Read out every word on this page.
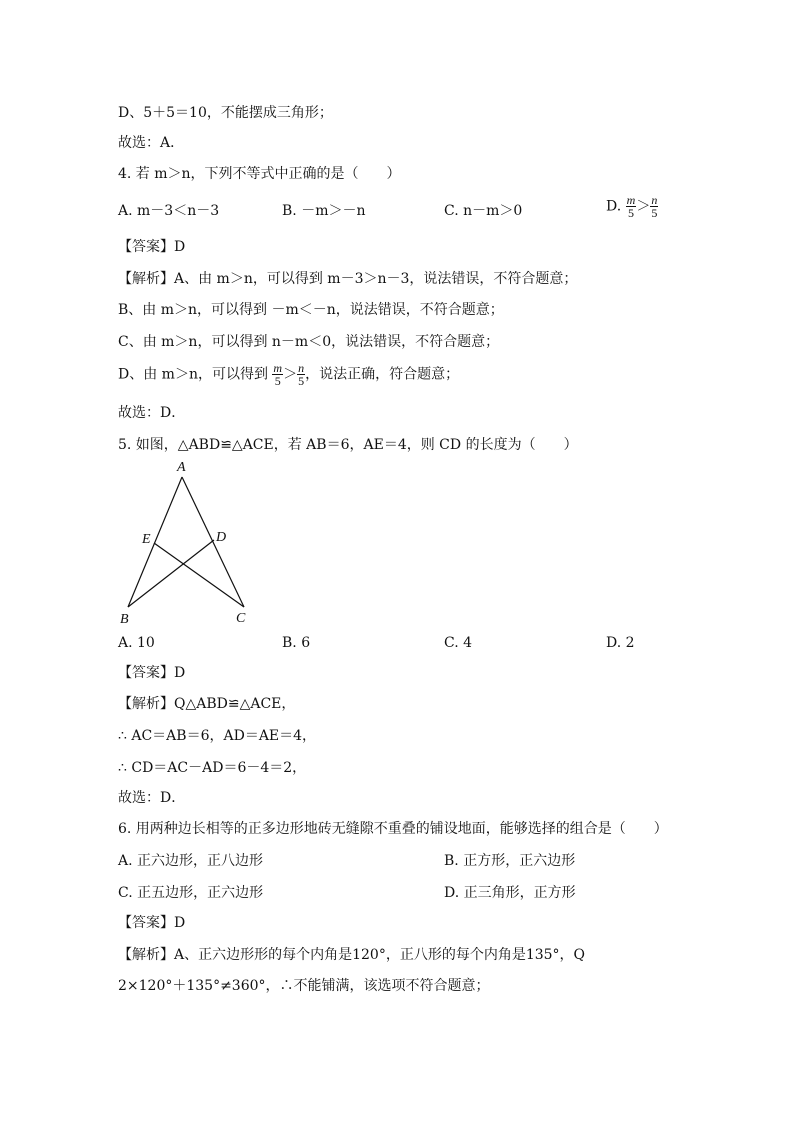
D、5＋5＝10，不能摆成三角形；
故选：A．
4. 若 m＞n，下列不等式中正确的是（　　）
A. m－3＜n－3	B. －m＞－n	C. n－m＞0	D. $\frac{m}{5} > \frac{n}{5}$
【答案】D
【解析】A、由 m＞n，可以得到 m－3＞n－3，说法错误，不符合题意；
B、由 m＞n，可以得到 －m＜－n，说法错误，不符合题意；
C、由 m＞n，可以得到 n－m＜0，说法错误，不符合题意；
D、由 m＞n，可以得到 $\frac{m}{5} > \frac{n}{5}$ ，说法正确，符合题意；
故选：D．
5. 如图，△ABD≌△ACE，若 AB＝6，AE＝4，则 CD 的长度为（　　）
A
E	D
B	C
A. 10	B. 6	C. 4	D. 2
【答案】D
【解析】Q△ABD≌△ACE，
∴ AC＝AB＝6，AD＝AE＝4，
∴ CD＝AC－AD＝6－4＝2，
故选：D．
6. 用两种边长相等的正多边形地砖无缝隙不重叠的铺设地面，能够选择的组合是（　　）
A. 正六边形，正八边形	B. 正方形，正六边形
C. 正五边形，正六边形	D. 正三角形，正方形
【答案】D
【解析】A、正六边形形的每个内角是120°，正八形的每个内角是135°，Q
2×120°＋135°≠360°，∴不能铺满，该选项不符合题意；
